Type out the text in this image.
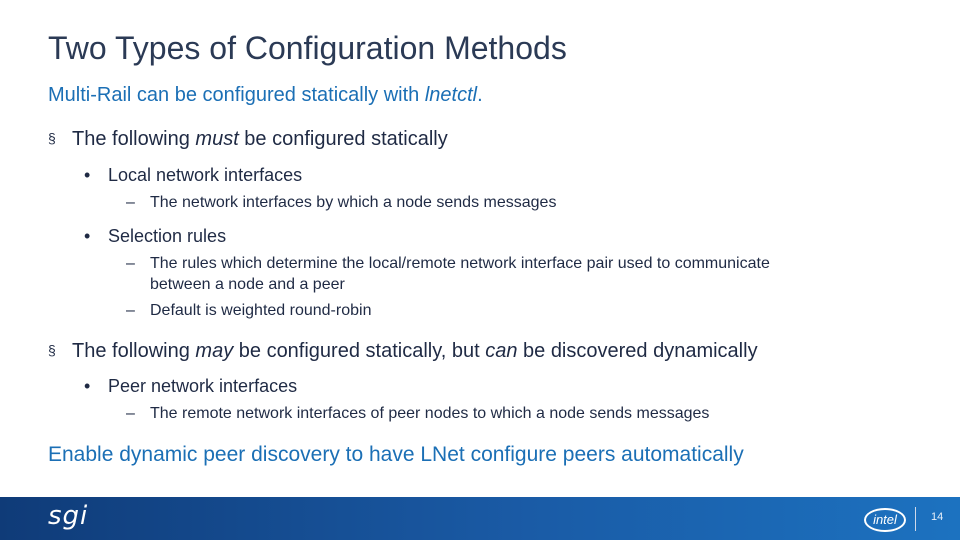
Two Types of Configuration Methods
Multi-Rail can be configured statically with lnetctl.
§ The following must be configured statically
• Local network interfaces
– The network interfaces by which a node sends messages
• Selection rules
– The rules which determine the local/remote network interface pair used to communicate
between a node and a peer
– Default is weighted round-robin
§ The following may be configured statically, but can be discovered dynamically
• Peer network interfaces
– The remote network interfaces of peer nodes to which a node sends messages
Enable dynamic peer discovery to have LNet configure peers automatically
sgi	intel	14
